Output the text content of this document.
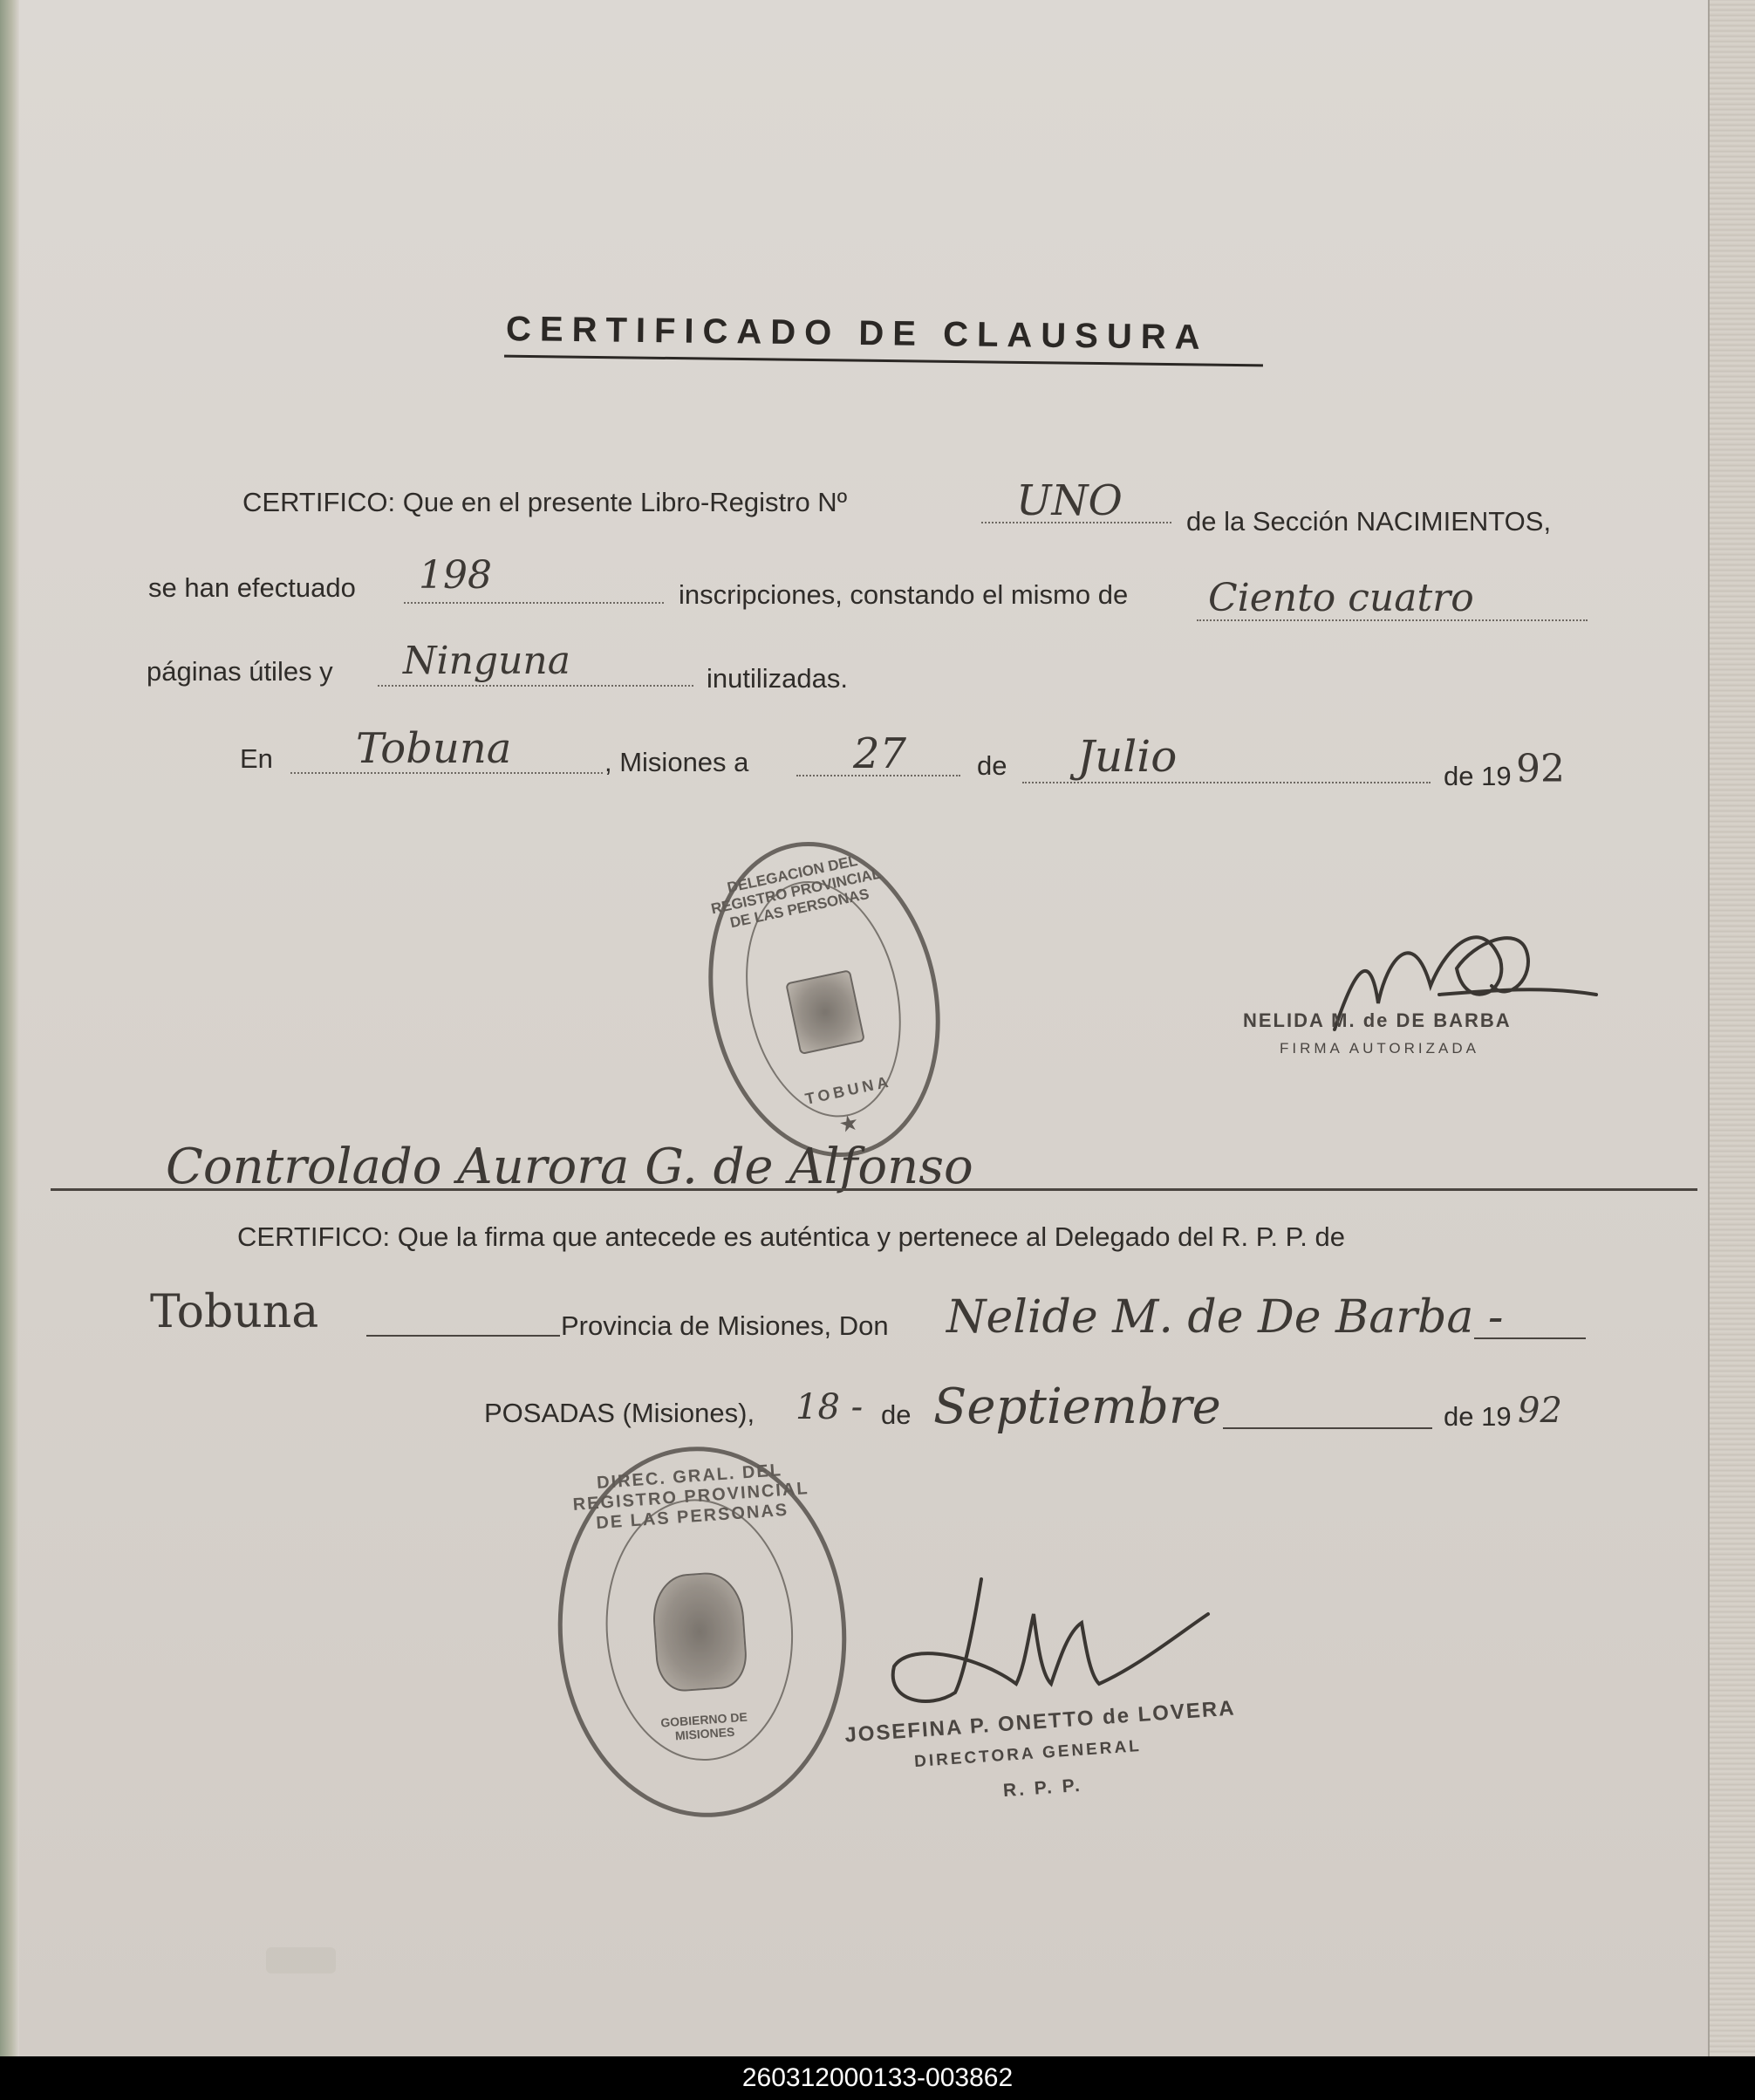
CERTIFICADO DE CLAUSURA
CERTIFICO: Que en el presente Libro-Registro Nº	UNO de la Sección NACIMIENTOS,
se han efectuado 198	inscripciones, constando el mismo de Ciento cuatro
páginas útiles y Ninguna	inutilizadas.
En Tobuna	, Misiones a 27	de Julio	de 19 92
DELEGACION DEL REGISTRO PROVINCIAL DE LAS PERSONAS
TOBUNA
★
NELIDA M. de DE BARBA
FIRMA AUTORIZADA
Controlado Aurora G. de Alfonso
CERTIFICO: Que la firma que antecede es auténtica y pertenece al Delegado del R. P. P. de
Tobuna	Provincia de Misiones, Don Nelide M. de De Barba -
POSADAS (Misiones), 18 - de Septiembre	de 19 92
DIREC. GRAL. DEL REGISTRO PROVINCIAL DE LAS PERSONAS
GOBIERNO DE MISIONES	JOSEFINA P. ONETTO de LOVERA
DIRECTORA GENERAL
R. P. P.
260312000133-003862
